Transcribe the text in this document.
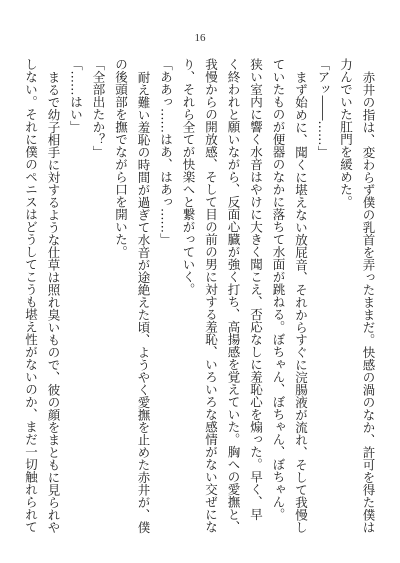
16

赤井の指は、変わらず僕の乳首を弄ったままだ。快感の渦のなか、許可を得た僕は

力んでいた肛門を緩めた。

「アッ――……」

まず始めに、聞くに堪えない放屁音、それからすぐに浣腸液が流れ、そして我慢し

ていたものが便器のなかに落ちて水面が跳ねる。ぼちゃん、ぼちゃん、ぼちゃん。

狭い室内に響く水音はやけに大きく聞こえ、否応なしに羞恥心を煽った。早く、早

く終われと願いながら、反面心臓が強く打ち、高揚感を覚えていた。胸への愛撫と、

我慢からの開放感、そして目の前の男に対する羞恥、いろいろな感情がない交ぜにな

り、それら全てが快楽へと繋がっていく。

「ああっ……はあ、はあっ……」

耐え難い羞恥の時間が過ぎて水音が途絶えた頃、ようやく愛撫を止めた赤井が、僕

の後頭部を撫でながら口を開いた。

「全部出たか？」

「……はい」

まるで幼子相手に対するような仕草は照れ臭いもので、彼の顔をまともに見られや

しない。それに僕のペニスはどうしてこうも堪え性がないのか、まだ一切触れられて
